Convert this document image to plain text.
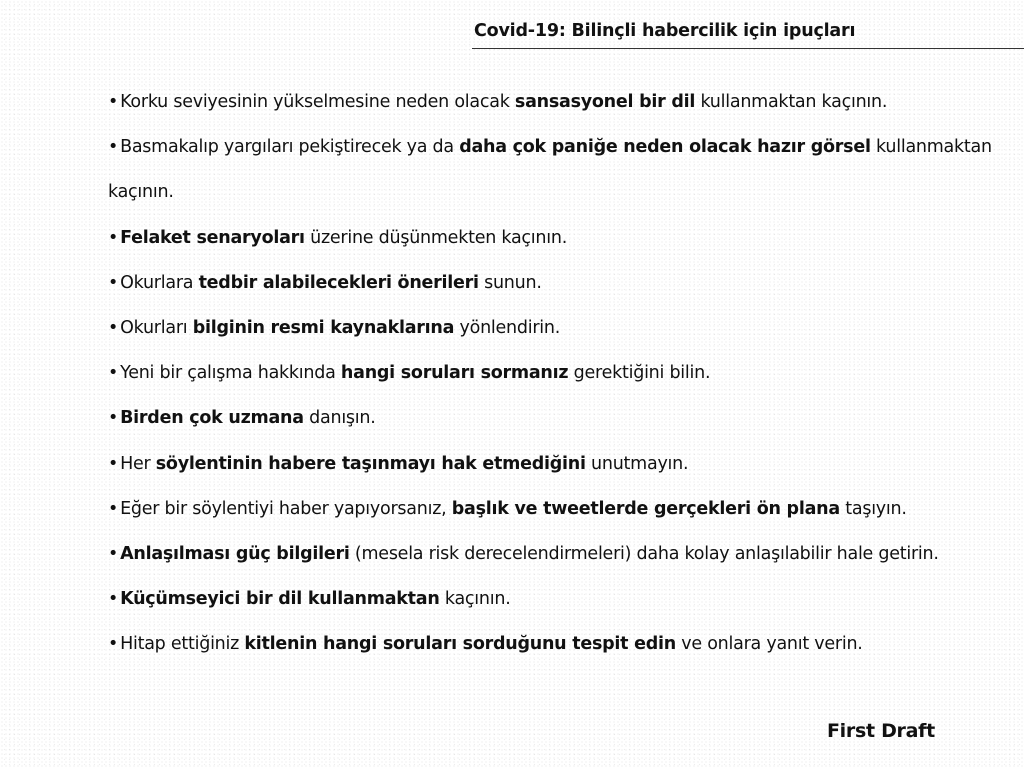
Covid-19: Bilinçli habercilik için ipuçları
• Korku seviyesinin yükselmesine neden olacak sansasyonel bir dil kullanmaktan kaçının.
• Basmakalıp yargıları pekiştirecek ya da daha çok paniğe neden olacak hazır görsel kullanmaktan kaçının.
• Felaket senaryoları üzerine düşünmekten kaçının.
• Okurlara tedbir alabilecekleri önerileri sunun.
• Okurları bilginin resmi kaynaklarına yönlendirin.
• Yeni bir çalışma hakkında hangi soruları sormanız gerektiğini bilin.
• Birden çok uzmana danışın.
• Her söylentinin habere taşınmayı hak etmediğini unutmayın.
• Eğer bir söylentiyi haber yapıyorsanız, başlık ve tweetlerde gerçekleri ön plana taşıyın.
• Anlaşılması güç bilgileri (mesela risk derecelendirmeleri) daha kolay anlaşılabilir hale getirin.
• Küçümseyici bir dil kullanmaktan kaçının.
• Hitap ettiğiniz kitlenin hangi soruları sorduğunu tespit edin ve onlara yanıt verin.
First Draft
